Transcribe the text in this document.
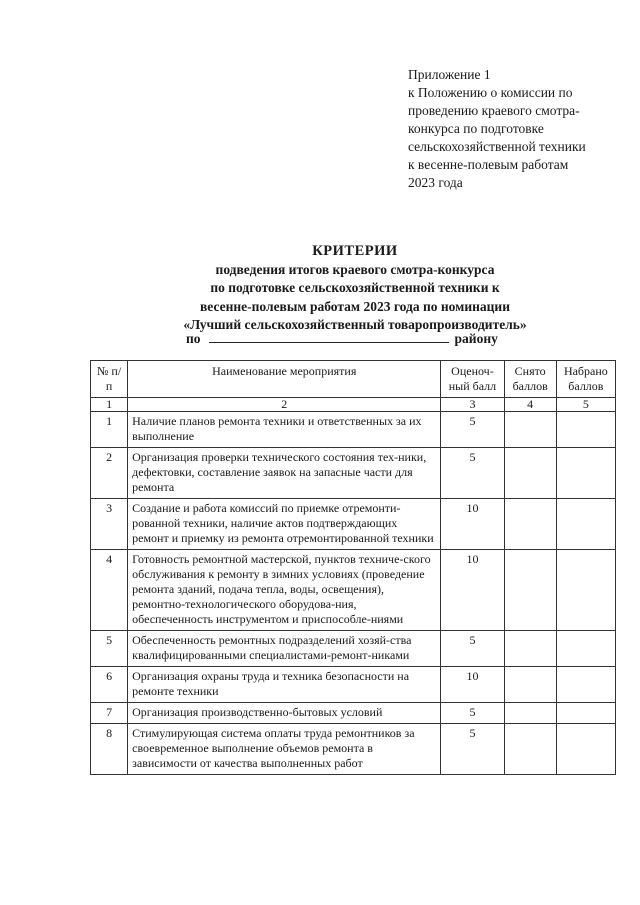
Приложение 1
к Положению о комиссии по
проведению краевого смотра-
конкурса по подготовке
сельскохозяйственной техники
к весенне-полевым работам
2023 года
КРИТЕРИИ
подведения итогов краевого смотра-конкурса
по подготовке сельскохозяйственной техники к
весенне-полевым работам 2023 года по номинации
«Лучший сельскохозяйственный товаропроизводитель»
по	району
№ п/п	Наименование мероприятия	Оценоч-ный балл	Снято баллов	Набрано баллов
1	2	3	4	5
1	Наличие планов ремонта техники и ответственных за их выполнение	5		
2	Организация проверки технического состояния тех-ники, дефектовки, составление заявок на запасные части для ремонта	5		
3	Создание и работа комиссий по приемке отремонти-рованной техники, наличие актов подтверждающих ремонт и приемку из ремонта отремонтированной техники	10		
4	Готовность ремонтной мастерской, пунктов техниче-ского обслуживания к ремонту в зимних условиях (проведение ремонта зданий, подача тепла, воды, освещения), ремонтно-технологического оборудова-ния, обеспеченность инструментом и приспособле-ниями	10		
5	Обеспеченность ремонтных подразделений хозяй-ства квалифицированными специалистами-ремонт-никами	5		
6	Организация охраны труда и техника безопасности на ремонте техники	10		
7	Организация производственно-бытовых условий	5		
8	Стимулирующая система оплаты труда ремонтников за своевременное выполнение объемов ремонта в зависимости от качества выполненных работ	5		
